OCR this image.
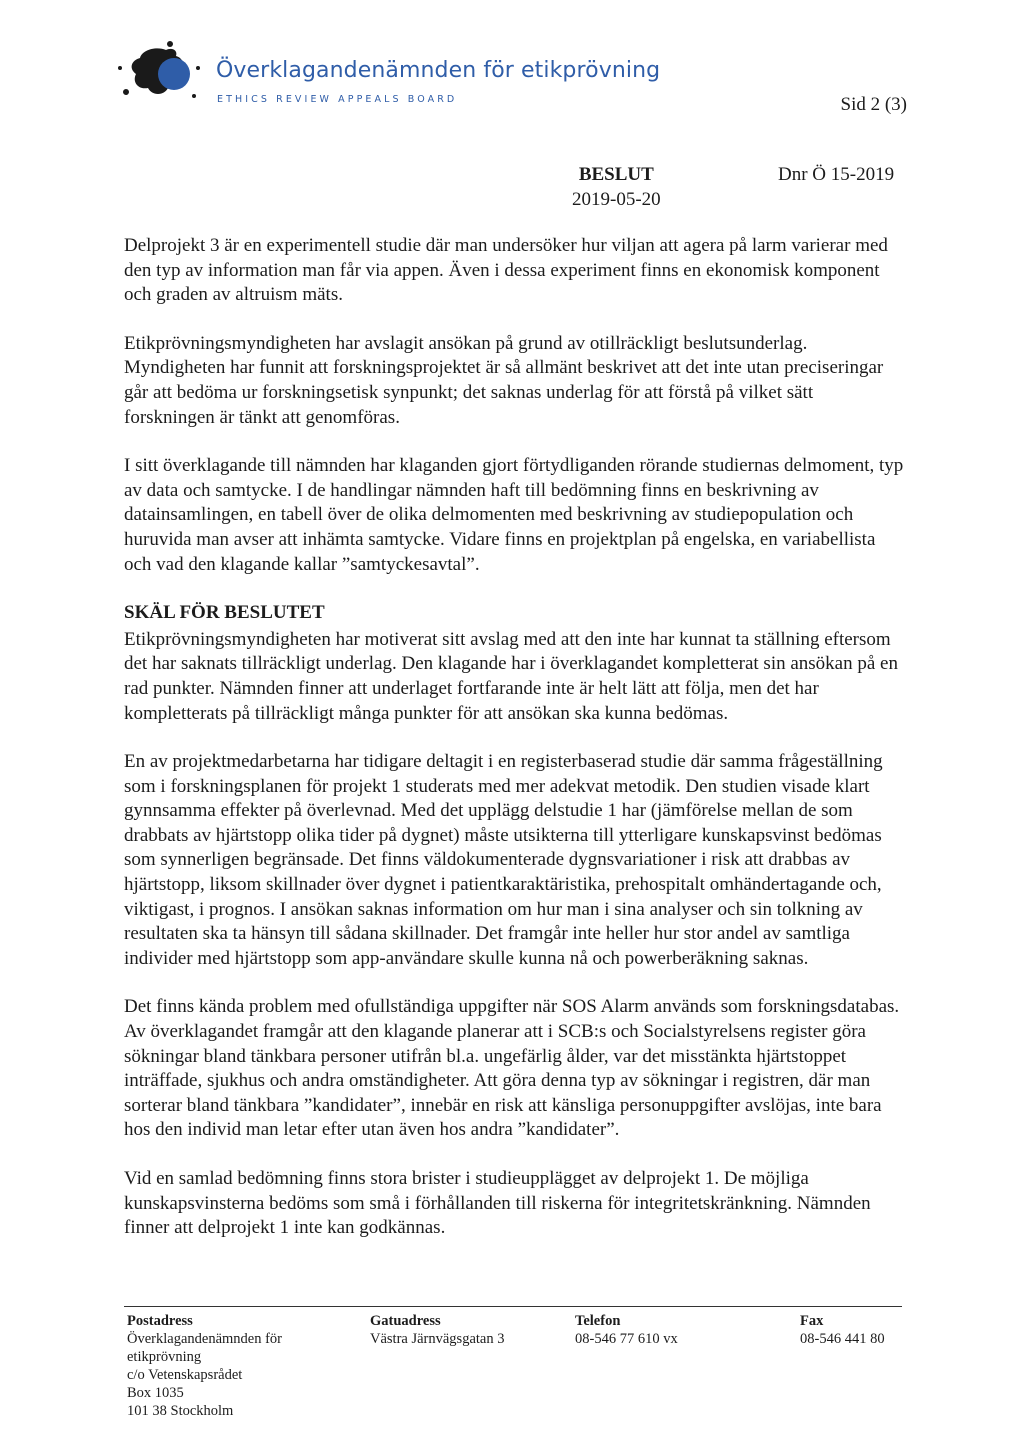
Överklagandenämnden för etikprövning
ETHICS REVIEW APPEALS BOARD	Sid 2 (3)
BESLUT
2019-05-20
Dnr Ö 15-2019

Delprojekt 3 är en experimentell studie där man undersöker hur viljan att agera på larm varierar med den typ av information man får via appen. Även i dessa experiment finns en ekonomisk komponent och graden av altruism mäts.

Etikprövningsmyndigheten har avslagit ansökan på grund av otillräckligt beslutsunderlag. Myndigheten har funnit att forskningsprojektet är så allmänt beskrivet att det inte utan preciseringar går att bedöma ur forskningsetisk synpunkt; det saknas underlag för att förstå på vilket sätt forskningen är tänkt att genomföras.

I sitt överklagande till nämnden har klaganden gjort förtydliganden rörande studiernas delmoment, typ av data och samtycke. I de handlingar nämnden haft till bedömning finns en beskrivning av datainsamlingen, en tabell över de olika delmomenten med beskrivning av studiepopulation och huruvida man avser att inhämta samtycke. Vidare finns en projektplan på engelska, en variabellista och vad den klagande kallar ”samtyckesavtal”.

SKÄL FÖR BESLUTET

Etikprövningsmyndigheten har motiverat sitt avslag med att den inte har kunnat ta ställning eftersom det har saknats tillräckligt underlag. Den klagande har i överklagandet kompletterat sin ansökan på en rad punkter. Nämnden finner att underlaget fortfarande inte är helt lätt att följa, men det har kompletterats på tillräckligt många punkter för att ansökan ska kunna bedömas.

En av projektmedarbetarna har tidigare deltagit i en registerbaserad studie där samma frågeställning som i forskningsplanen för projekt 1 studerats med mer adekvat metodik. Den studien visade klart gynnsamma effekter på överlevnad. Med det upplägg delstudie 1 har (jämförelse mellan de som drabbats av hjärtstopp olika tider på dygnet) måste utsikterna till ytterligare kunskapsvinst bedömas som synnerligen begränsade. Det finns väldokumenterade dygnsvariationer i risk att drabbas av hjärtstopp, liksom skillnader över dygnet i patientkaraktäristika, prehospitalt omhändertagande och, viktigast, i prognos. I ansökan saknas information om hur man i sina analyser och sin tolkning av resultaten ska ta hänsyn till sådana skillnader. Det framgår inte heller hur stor andel av samtliga individer med hjärtstopp som app-användare skulle kunna nå och powerberäkning saknas.

Det finns kända problem med ofullständiga uppgifter när SOS Alarm används som forskningsdatabas. Av överklagandet framgår att den klagande planerar att i SCB:s och Socialstyrelsens register göra sökningar bland tänkbara personer utifrån bl.a. ungefärlig ålder, var det misstänkta hjärtstoppet inträffade, sjukhus och andra omständigheter. Att göra denna typ av sökningar i registren, där man sorterar bland tänkbara ”kandidater”, innebär en risk att känsliga personuppgifter avslöjas, inte bara hos den individ man letar efter utan även hos andra ”kandidater”.

Vid en samlad bedömning finns stora brister i studieupplägget av delprojekt 1. De möjliga kunskapsvinsterna bedöms som små i förhållanden till riskerna för integritetskränkning. Nämnden finner att delprojekt 1 inte kan godkännas.

Postadress
Överklagandenämnden för
etikprövning
c/o Vetenskapsrådet
Box 1035
101 38 Stockholm
Gatuadress
Västra Järnvägsgatan 3
Telefon
08-546 77 610 vx
Fax
08-546 441 80
